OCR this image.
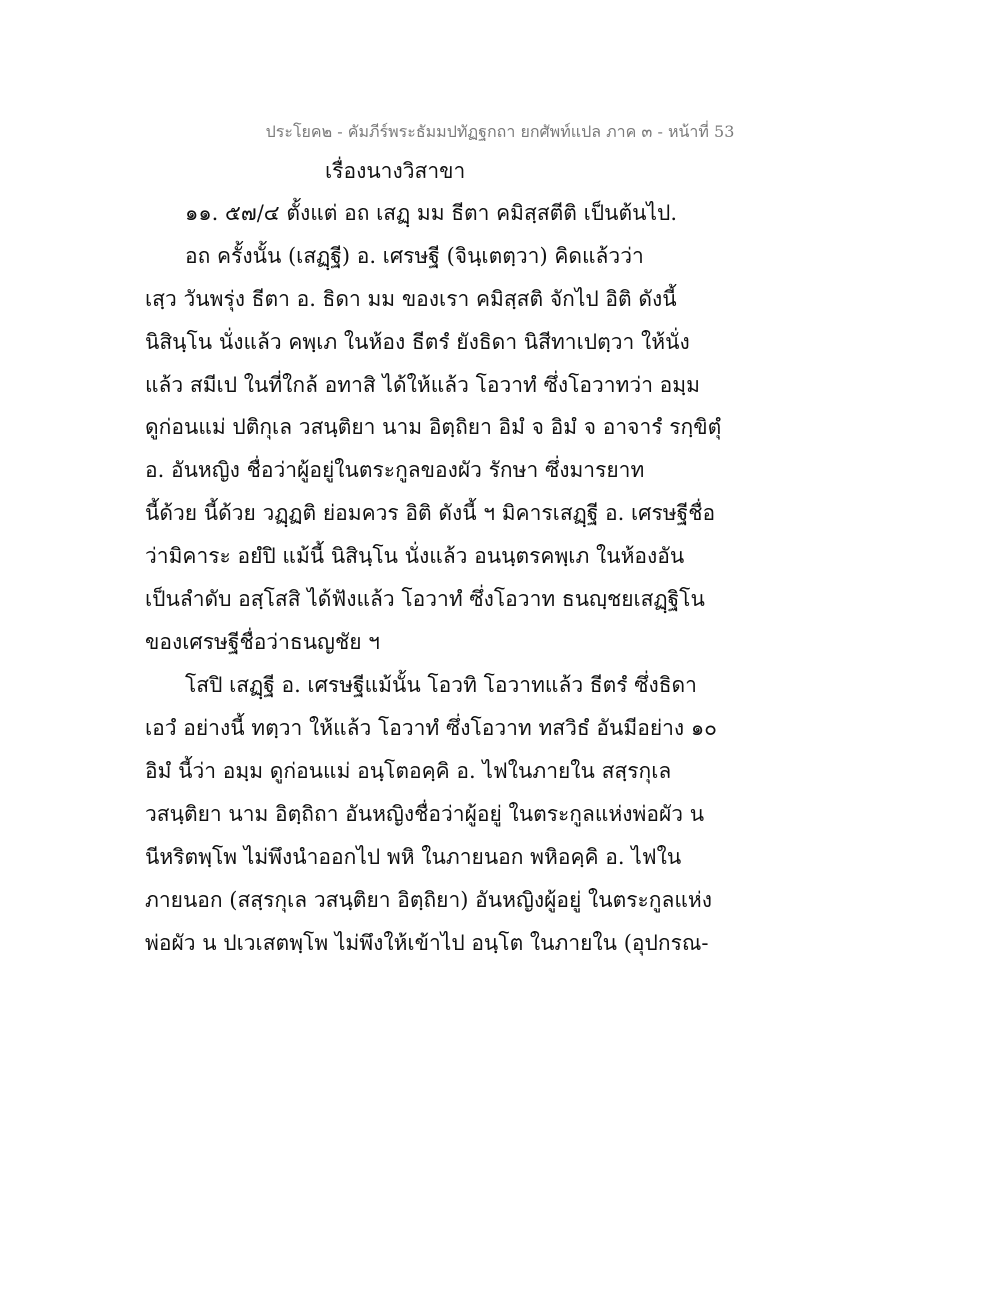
ประโยค๒ - คัมภีร์พระธัมมปทัฏฐกถา ยกศัพท์แปล ภาค ๓ - หน้าที่ 53
เรื่องนางวิสาขา
๑๑. ๕๗/๔ ตั้งแต่ อถ เสฏฺ มม ธีตา คมิสฺสตีติ เป็นต้นไป.
อถ ครั้งนั้น (เสฏฺฐี) อ. เศรษฐี (จินฺเตตฺวา) คิดแล้วว่า
เสฺว วันพรุ่ง ธีตา อ. ธิดา มม ของเรา คมิสฺสติ จักไป อิติ ดังนี้
นิสินฺโน นั่งแล้ว คพฺเภ ในห้อง ธีตรํ ยังธิดา นิสีทาเปตฺวา ให้นั่ง
แล้ว สมีเป ในที่ใกล้ อทาสิ ได้ให้แล้ว โอวาทํ ซึ่งโอวาทว่า อมฺม
ดูก่อนแม่ ปติกุเล วสนฺติยา นาม อิตฺถิยา อิมํ จ อิมํ จ อาจารํ รกฺขิตุํ
อ. อันหญิง ชื่อว่าผู้อยู่ในตระกูลของผัว รักษา ซึ่งมารยาท
นี้ด้วย นี้ด้วย วฏฺฏติ ย่อมควร อิติ ดังนี้ ฯ มิคารเสฏฺฐี อ. เศรษฐีชื่อ
ว่ามิคาระ อยํปิ แม้นี้ นิสินฺโน นั่งแล้ว อนนฺตรคพฺเภ ในห้องอัน
เป็นลำดับ อสฺโสสิ ได้ฟังแล้ว โอวาทํ ซึ่งโอวาท ธนญฺชยเสฏฺฐิโน
ของเศรษฐีชื่อว่าธนญชัย ฯ
โสปิ เสฏฺฐี อ. เศรษฐีแม้นั้น โอวทิ โอวาทแล้ว ธีตรํ ซึ่งธิดา
เอวํ อย่างนี้ ทตฺวา ให้แล้ว โอวาทํ ซึ่งโอวาท ทสวิธํ อันมีอย่าง ๑๐
อิมํ นี้ว่า อมฺม ดูก่อนแม่ อนฺโตอคฺคิ อ. ไฟในภายใน สสฺรกุเล
วสนฺติยา นาม อิตฺถิถา อันหญิงชื่อว่าผู้อยู่ ในตระกูลแห่งพ่อผัว น
นีหริตพฺโพ ไม่พึงนำออกไป พหิ ในภายนอก พหิอคฺคิ อ. ไฟใน
ภายนอก (สสฺรกุเล วสนฺติยา อิตฺถิยา) อันหญิงผู้อยู่ ในตระกูลแห่ง
พ่อผัว น ปเวเสตพฺโพ ไม่พึงให้เข้าไป อนฺโต ในภายใน (อุปกรณ-
